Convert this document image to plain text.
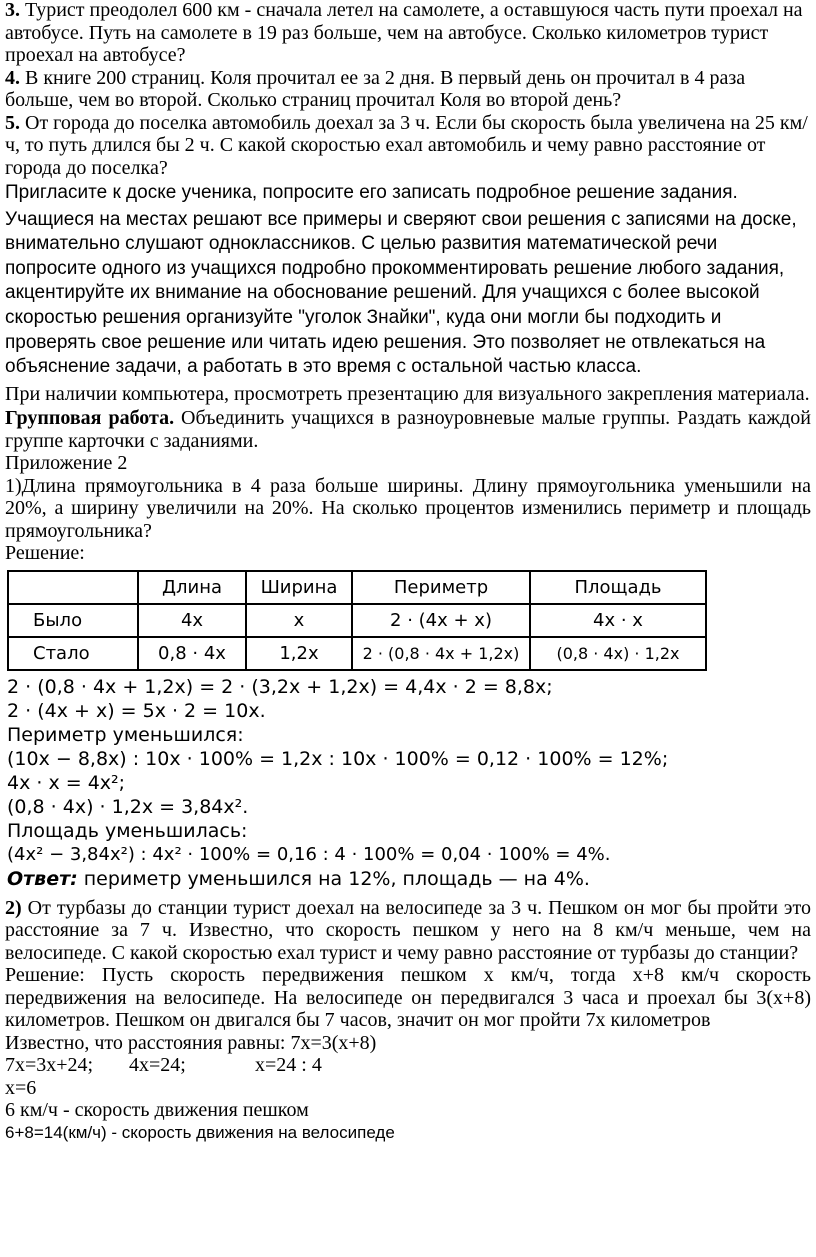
3. Турист преодолел 600 км - сначала летел на самолете, а оставшуюся часть пути проехал на автобусе. Путь на самолете в 19 раз больше, чем на автобусе. Сколько километров турист проехал на автобусе?

4. В книге 200 страниц. Коля прочитал ее за 2 дня. В первый день он прочитал в 4 раза больше, чем во второй. Сколько страниц прочитал Коля во второй день?

5. От города до поселка автомобиль доехал за 3 ч. Если бы скорость была увеличена на 25 км/ч, то путь длился бы 2 ч. С какой скоростью ехал автомобиль и чему равно расстояние от города до поселка?

Пригласите к доске ученика, попросите его записать подробное решение задания.

Учащиеся на местах решают все примеры и сверяют свои решения с записями на доске, внимательно слушают одноклассников. С целью развития математической речи попросите одного из учащихся подробно прокомментировать решение любого задания, акцентируйте их внимание на обоснование решений. Для учащихся с более высокой скоростью решения организуйте "уголок Знайки", куда они могли бы подходить и проверять свое решение или читать идею решения. Это позволяет не отвлекаться на объяснение задачи, а работать в это время с остальной частью класса.

При наличии компьютера, просмотреть презентацию для визуального закрепления материала.

Групповая работа. Объединить учащихся в разноуровневые малые группы. Раздать каждой группе карточки с заданиями.

Приложение 2

1)Длина прямоугольника в 4 раза больше ширины. Длину прямоугольника уменьшили на 20%, а ширину увеличили на 20%. На сколько процентов изменились периметр и площадь прямоугольника?

Решение:

	Длина	Ширина	Периметр	Площадь
Было	4x	x	2 · (4x + x)	4x · x
Стало	0,8 · 4x	1,2x	2 · (0,8 · 4x + 1,2x)	(0,8 · 4x) · 1,2x

2 · (0,8 · 4x + 1,2x) = 2 · (3,2x + 1,2x) = 4,4x · 2 = 8,8x;

2 · (4x + x) = 5x · 2 = 10x.

Периметр уменьшился:

(10x − 8,8x) : 10x · 100% = 1,2x : 10x · 100% = 0,12 · 100% = 12%;

4x · x = 4x²;

(0,8 · 4x) · 1,2x = 3,84x².

Площадь уменьшилась:

(4x² − 3,84x²) : 4x² · 100% = 0,16 : 4 · 100% = 0,04 · 100% = 4%.

Ответ: периметр уменьшился на 12%, площадь — на 4%.

2) От турбазы до станции турист доехал на велосипеде за 3 ч. Пешком он мог бы пройти это расстояние за 7 ч. Известно, что скорость пешком у него на 8 км/ч меньше, чем на велосипеде. С какой скоростью ехал турист и чему равно расстояние от турбазы до станции?

Решение: Пусть скорость передвижения пешком x км/ч, тогда x+8 км/ч скорость передвижения на велосипеде. На велосипеде он передвигался 3 часа и проехал бы 3(x+8) километров. Пешком он двигался бы 7 часов, значит он мог пройти 7x километров

Известно, что расстояния равны: 7x=3(x+8)

7x=3x+24; 4x=24;	x=24 : 4

x=6

6 км/ч - скорость движения пешком

6+8=14(км/ч) - скорость движения на велосипеде
